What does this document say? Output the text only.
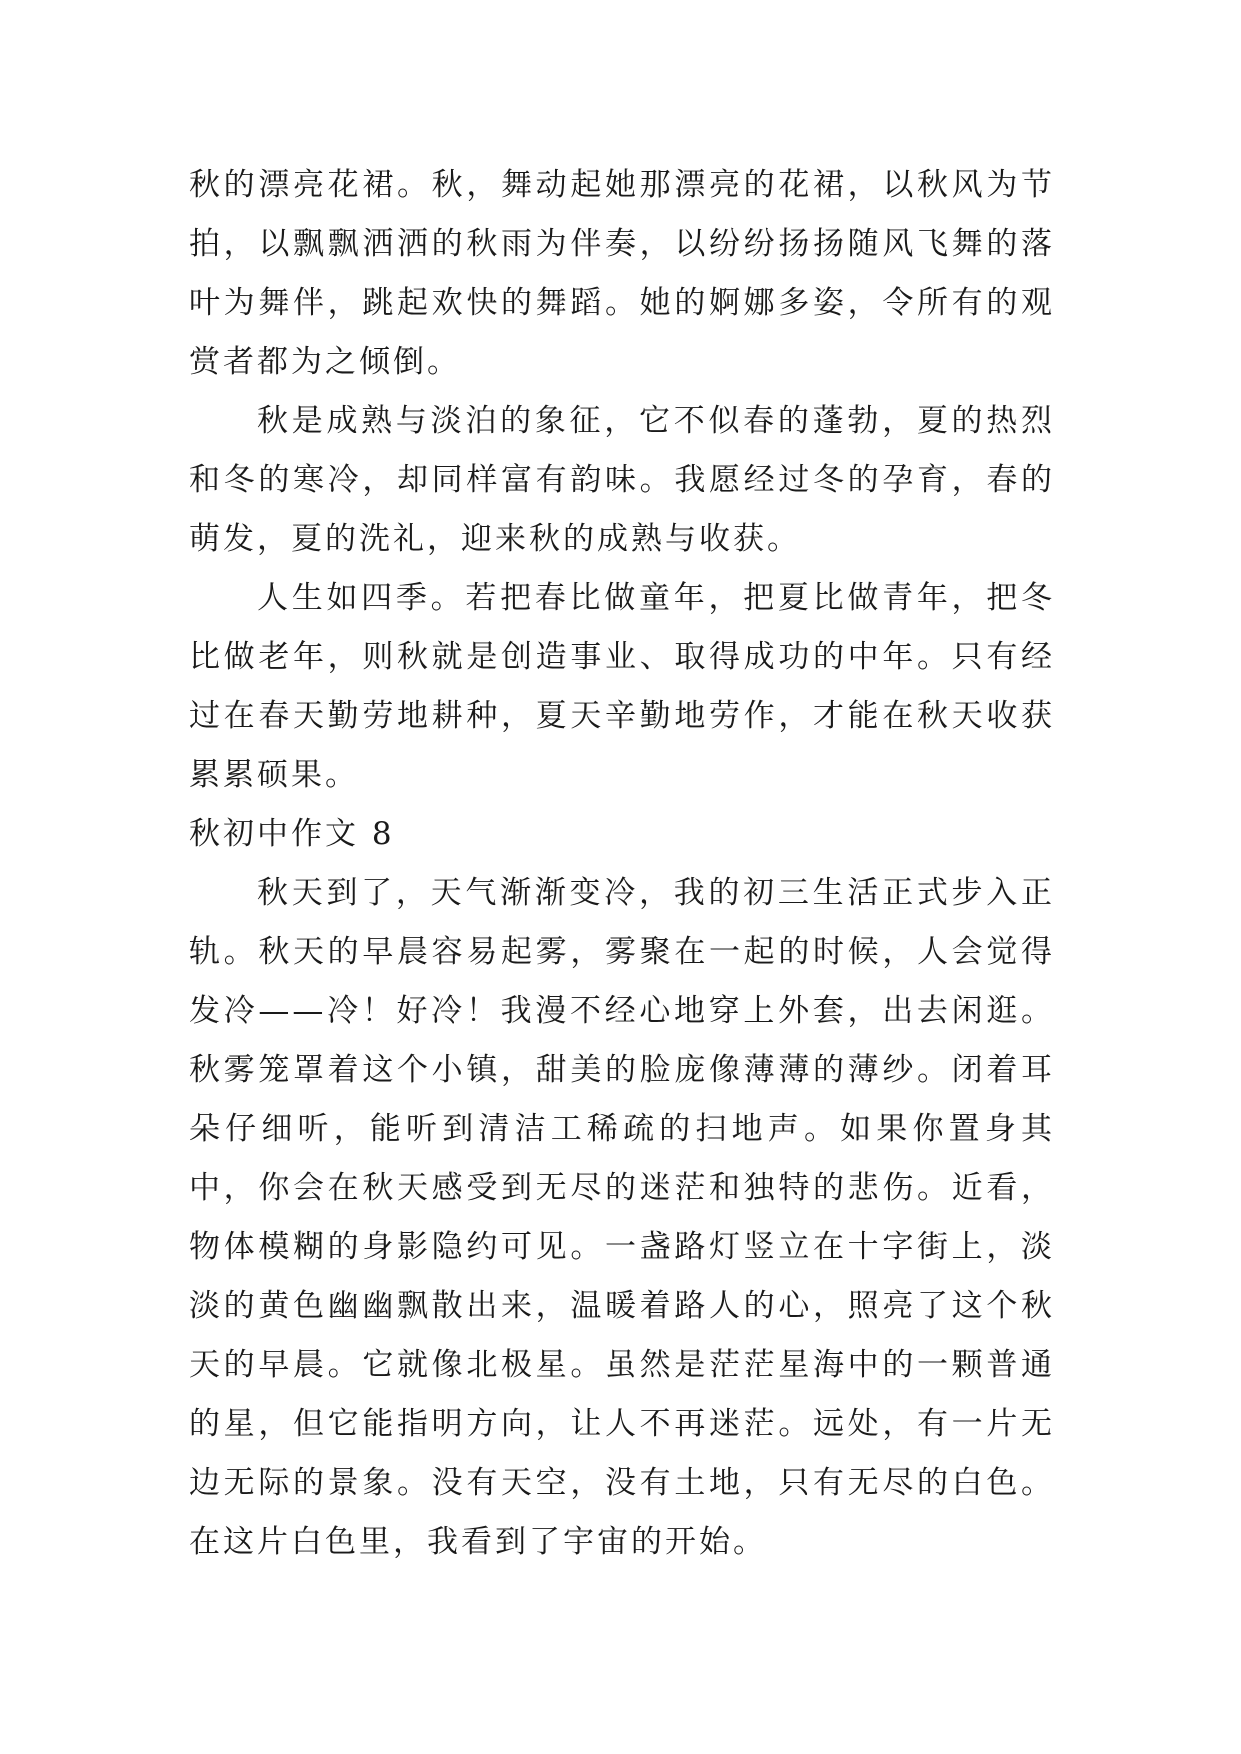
秋的漂亮花裙。秋，舞动起她那漂亮的花裙，以秋风为节拍，以飘飘洒洒的秋雨为伴奏，以纷纷扬扬随风飞舞的落叶为舞伴，跳起欢快的舞蹈。她的婀娜多姿，令所有的观赏者都为之倾倒。

秋是成熟与淡泊的象征，它不似春的蓬勃，夏的热烈和冬的寒冷，却同样富有韵味。我愿经过冬的孕育，春的萌发，夏的洗礼，迎来秋的成熟与收获。

人生如四季。若把春比做童年，把夏比做青年，把冬比做老年，则秋就是创造事业、取得成功的中年。只有经过在春天勤劳地耕种，夏天辛勤地劳作，才能在秋天收获累累硕果。

秋初中作文 8

秋天到了，天气渐渐变冷，我的初三生活正式步入正轨。秋天的早晨容易起雾，雾聚在一起的时候，人会觉得发冷——冷！好冷！我漫不经心地穿上外套，出去闲逛。秋雾笼罩着这个小镇，甜美的脸庞像薄薄的薄纱。闭着耳朵仔细听，能听到清洁工稀疏的扫地声。如果你置身其中，你会在秋天感受到无尽的迷茫和独特的悲伤。近看，物体模糊的身影隐约可见。一盏路灯竖立在十字街上，淡淡的黄色幽幽飘散出来，温暖着路人的心，照亮了这个秋天的早晨。它就像北极星。虽然是茫茫星海中的一颗普通的星，但它能指明方向，让人不再迷茫。远处，有一片无边无际的景象。没有天空，没有土地，只有无尽的白色。在这片白色里，我看到了宇宙的开始。
